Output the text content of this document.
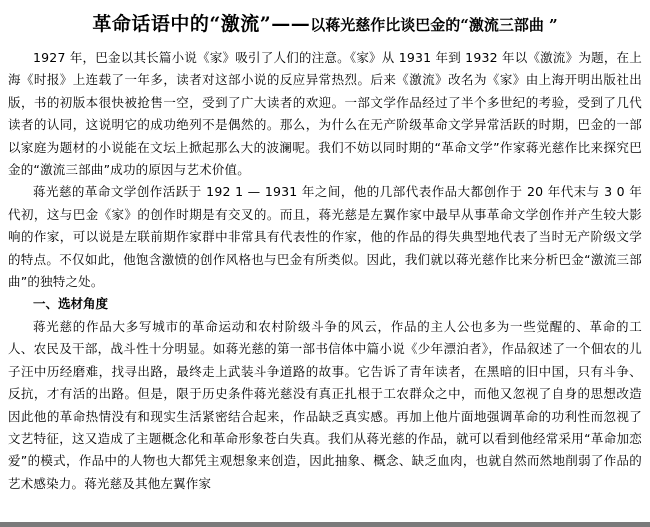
革命话语中的“激流”——以蒋光慈作比谈巴金的“激流三部曲 ”

1927 年，巴金以其长篇小说《家》吸引了人们的注意。《家》从 1931 年到 1932 年以《激流》为题，在上海《时报》上连载了一年多，读者对这部小说的反应异常热烈。后来《激流》改名为《家》由上海开明出版社出版，书的初版本很快被抢售一空，受到了广大读者的欢迎。一部文学作品经过了半个多世纪的考验，受到了几代读者的认同，这说明它的成功绝列不是偶然的。那么，为什么在无产阶级革命文学异常活跃的时期，巴金的一部以家庭为题材的小说能在文坛上掀起那么大的波澜呢。我们不妨以同时期的“革命文学”作家蒋光慈作比来探究巴金的“激流三部曲”成功的原因与艺术价值。

蒋光慈的革命文学创作活跃于 192 1 — 1931 年之间，他的几部代表作品大都创作于 20 年代末与 3 0 年代初，这与巴金《家》的创作时期是有交叉的。而且，蒋光慈是左翼作家中最早从事革命文学创作并产生较大影响的作家，可以说是左联前期作家群中非常具有代表性的作家，他的作品的得失典型地代表了当时无产阶级文学的特点。不仅如此，他饱含激愤的创作风格也与巴金有所类似。因此，我们就以蒋光慈作比来分析巴金“激流三部曲”的独特之处。

一、选材角度

蒋光慈的作品大多写城市的革命运动和农村阶级斗争的风云，作品的主人公也多为一些觉醒的、革命的工人、农民及干部，战斗性十分明显。如蒋光慈的第一部书信体中篇小说《少年漂泊者》，作品叙述了一个佃农的儿子汪中历经磨难，找寻出路，最终走上武装斗争道路的故事。它告诉了青年读者，在黑暗的旧中国，只有斗争、反抗，才有活的出路。但是，限于历史条件蒋光慈没有真正扎根于工农群众之中，而他又忽视了自身的思想改造因此他的革命热情没有和现实生活紧密结合起来，作品缺乏真实感。再加上他片面地强调革命的功利性而忽视了文艺特征，这又造成了主题概念化和革命形象苍白失真。我们从蒋光慈的作品，就可以看到他经常采用“革命加恋爱”的模式，作品中的人物也大都凭主观想象来创造，因此抽象、概念、缺乏血肉，也就自然而然地削弱了作品的艺术感染力。蒋光慈及其他左翼作家
